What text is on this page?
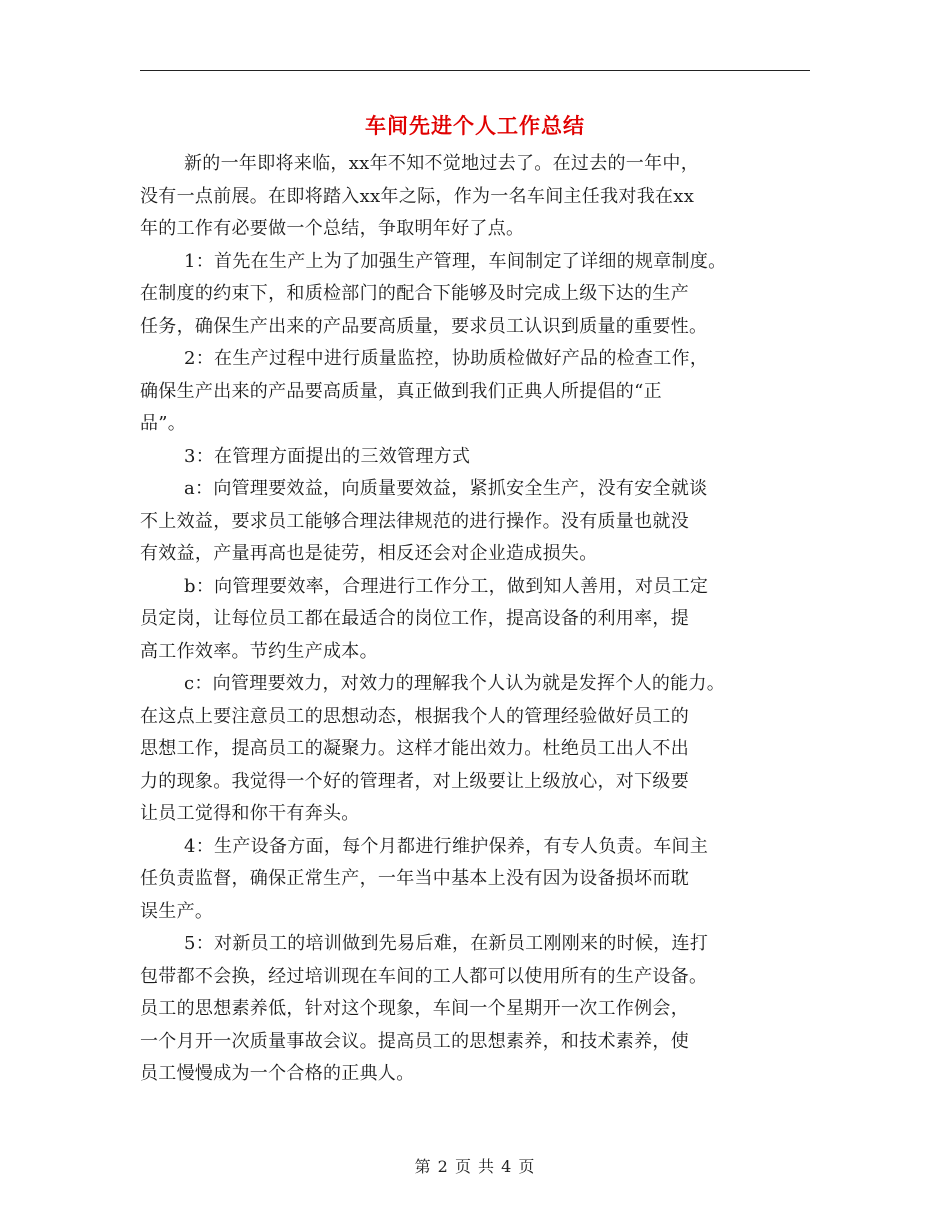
车间先进个人工作总结
新的一年即将来临，xx年不知不觉地过去了。在过去的一年中，
没有一点前展。在即将踏入xx年之际，作为一名车间主任我对我在xx
年的工作有必要做一个总结，争取明年好了点。
1：首先在生产上为了加强生产管理，车间制定了详细的规章制度。
在制度的约束下，和质检部门的配合下能够及时完成上级下达的生产
任务，确保生产出来的产品要高质量，要求员工认识到质量的重要性。
2：在生产过程中进行质量监控，协助质检做好产品的检查工作，
确保生产出来的产品要高质量，真正做到我们正典人所提倡的“正
品”。
3：在管理方面提出的三效管理方式
a：向管理要效益，向质量要效益，紧抓安全生产，没有安全就谈
不上效益，要求员工能够合理法律规范的进行操作。没有质量也就没
有效益，产量再高也是徒劳，相反还会对企业造成损失。
b：向管理要效率，合理进行工作分工，做到知人善用，对员工定
员定岗，让每位员工都在最适合的岗位工作，提高设备的利用率，提
高工作效率。节约生产成本。
c：向管理要效力，对效力的理解我个人认为就是发挥个人的能力。
在这点上要注意员工的思想动态，根据我个人的管理经验做好员工的
思想工作，提高员工的凝聚力。这样才能出效力。杜绝员工出人不出
力的现象。我觉得一个好的管理者，对上级要让上级放心，对下级要
让员工觉得和你干有奔头。
4：生产设备方面，每个月都进行维护保养，有专人负责。车间主
任负责监督，确保正常生产，一年当中基本上没有因为设备损坏而耽
误生产。
5：对新员工的培训做到先易后难，在新员工刚刚来的时候，连打
包带都不会换，经过培训现在车间的工人都可以使用所有的生产设备。
员工的思想素养低，针对这个现象，车间一个星期开一次工作例会，
一个月开一次质量事故会议。提高员工的思想素养，和技术素养，使
员工慢慢成为一个合格的正典人。
第 2 页 共 4 页
